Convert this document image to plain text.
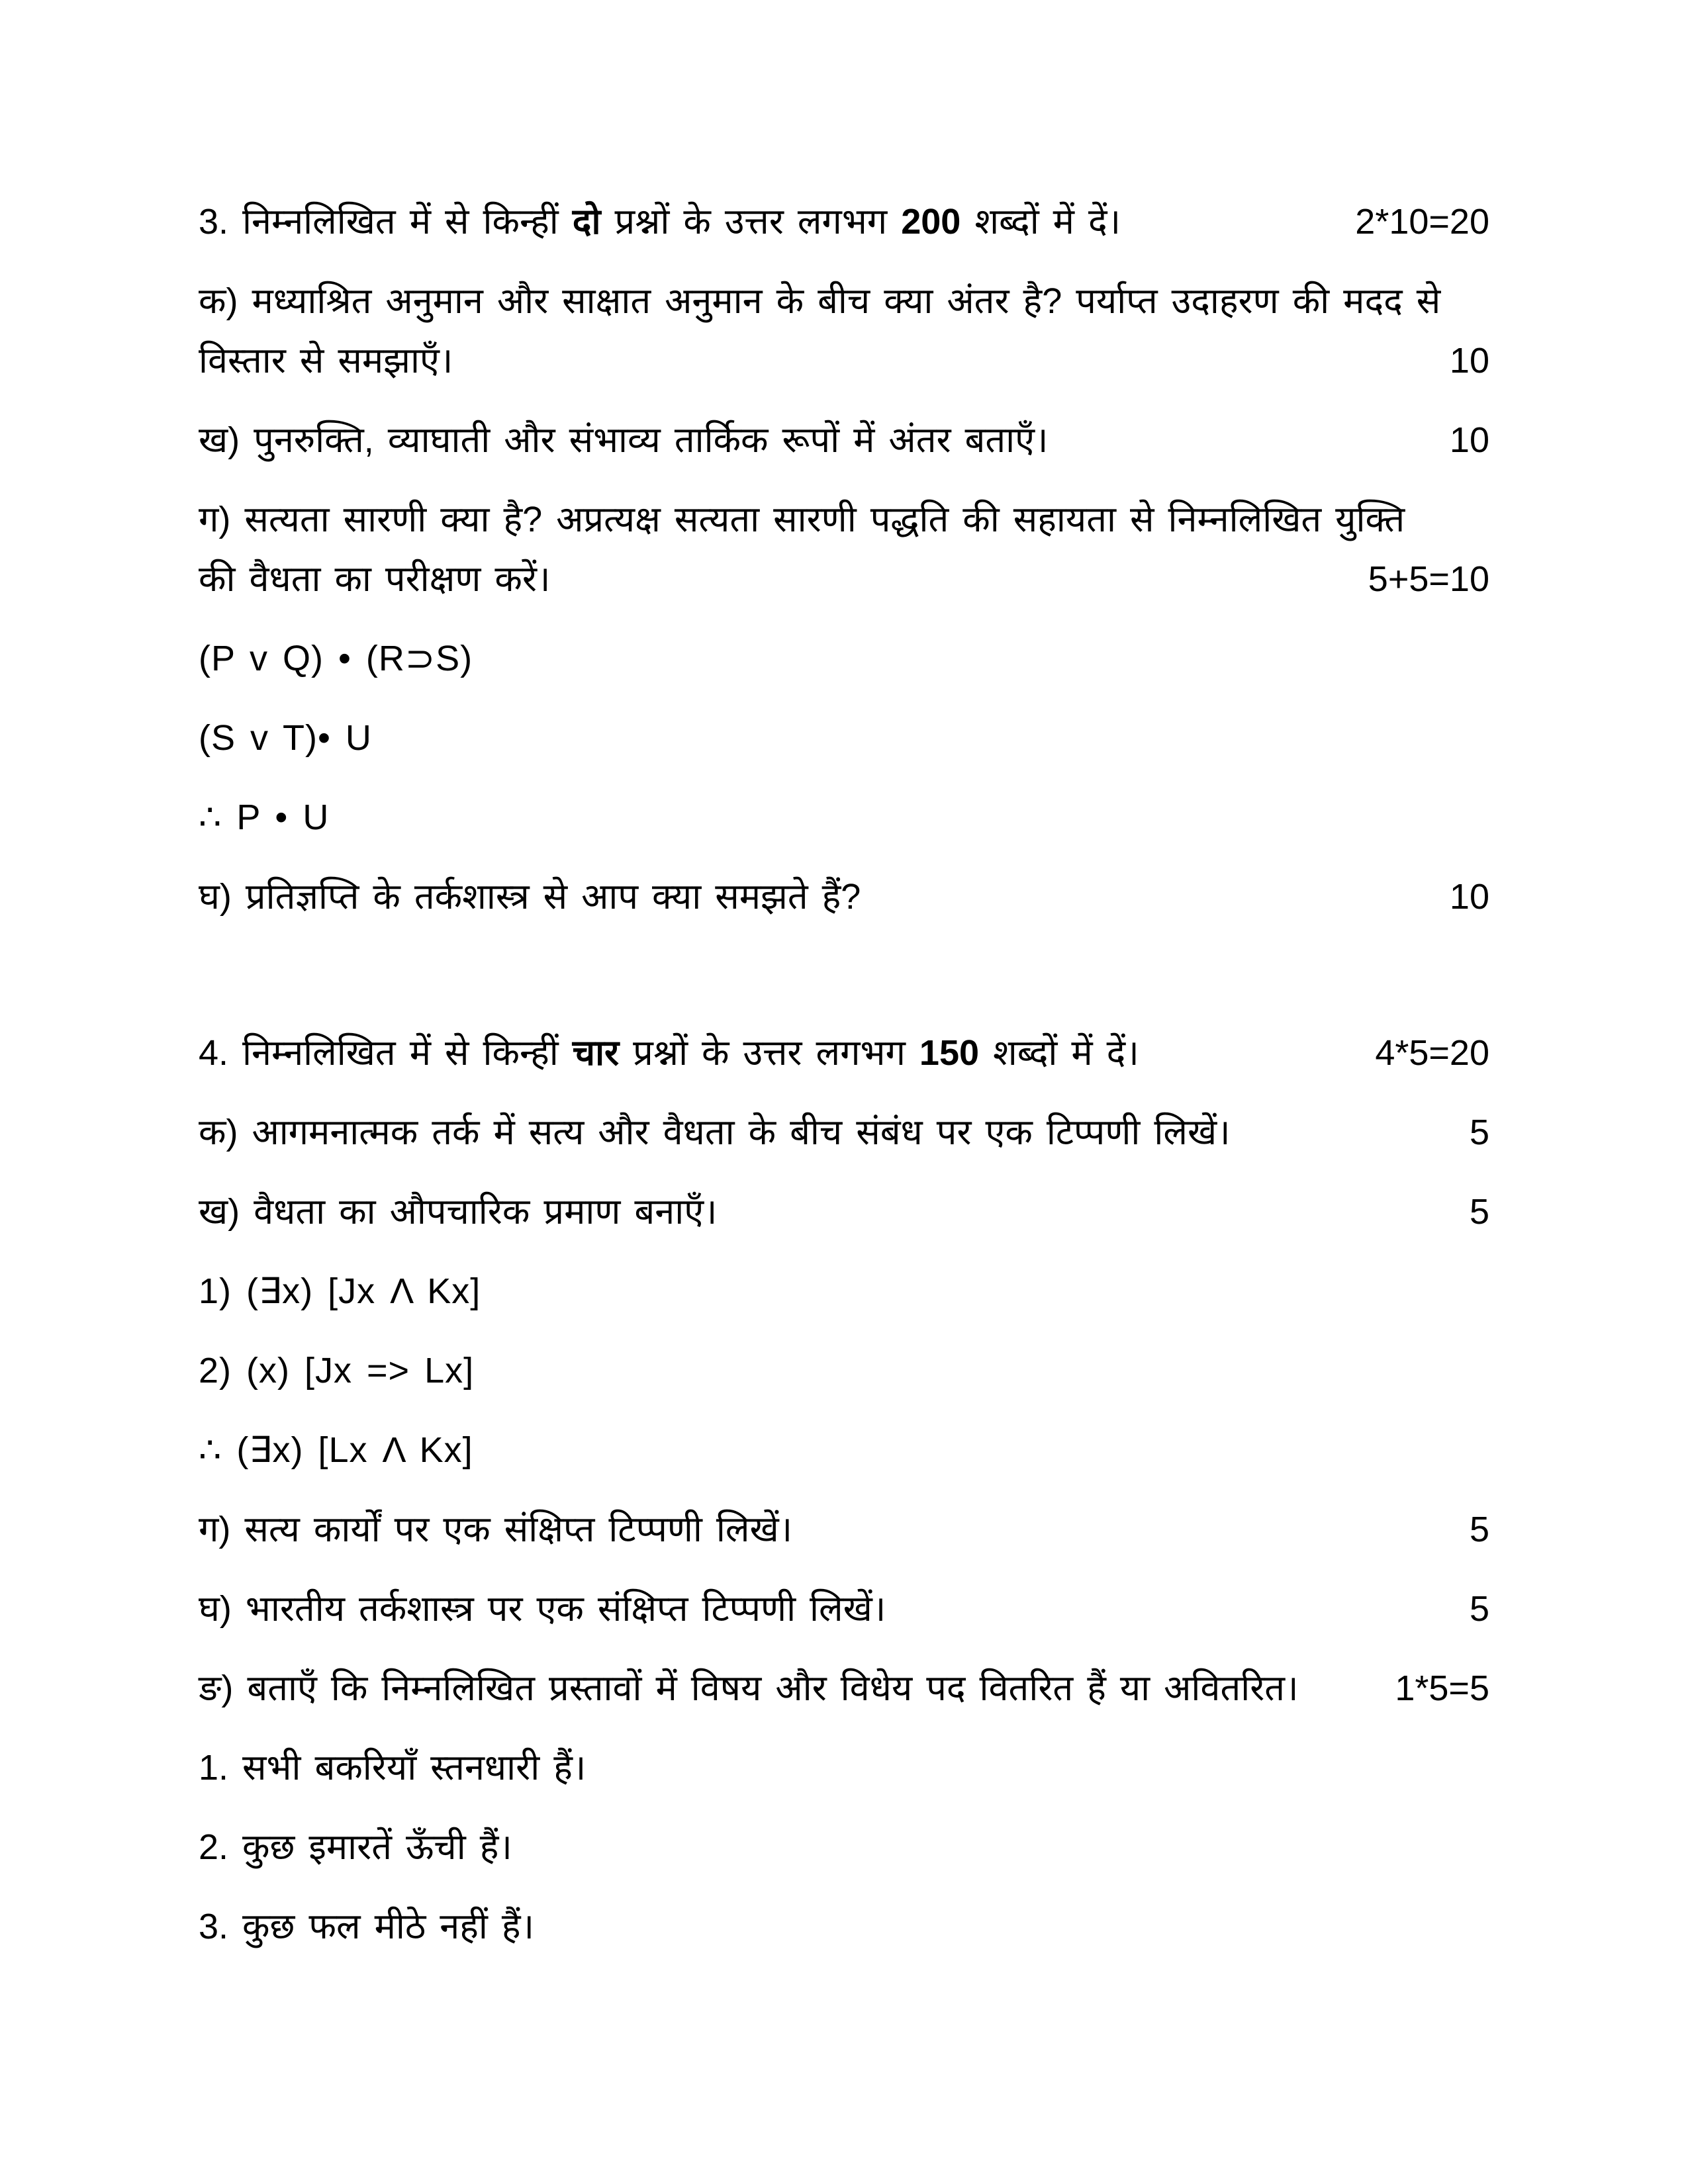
3. निम्नलिखित में से किन्हीं दो प्रश्नों के उत्तर लगभग 200 शब्दों में दें।	2*10=20
क) मध्याश्रित अनुमान और साक्षात अनुमान के बीच क्या अंतर है? पर्याप्त उदाहरण की मदद से
विस्तार से समझाएँ।	10
ख) पुनरुक्ति, व्याघाती और संभाव्य तार्किक रूपों में अंतर बताएँ।	10
ग) सत्यता सारणी क्या है? अप्रत्यक्ष सत्यता सारणी पद्धति की सहायता से निम्नलिखित युक्ति
की वैधता का परीक्षण करें।	5+5=10
(P v Q) • (R⊃S)
(S v T)• U
∴ P • U
घ) प्रतिज्ञप्ति के तर्कशास्त्र से आप क्या समझते हैं?	10
4. निम्नलिखित में से किन्हीं चार प्रश्नों के उत्तर लगभग 150 शब्दों में दें।	4*5=20
क) आगमनात्मक तर्क में सत्य और वैधता के बीच संबंध पर एक टिप्पणी लिखें।	5
ख) वैधता का औपचारिक प्रमाण बनाएँ।	5
1) (∃x) [Jx Λ Kx]
2) (x) [Jx => Lx]
∴ (∃x) [Lx Λ Kx]
ग) सत्य कार्यों पर एक संक्षिप्त टिप्पणी लिखें।	5
घ) भारतीय तर्कशास्त्र पर एक संक्षिप्त टिप्पणी लिखें।	5
ङ) बताएँ कि निम्नलिखित प्रस्तावों में विषय और विधेय पद वितरित हैं या अवितरित।	1*5=5
1. सभी बकरियाँ स्तनधारी हैं।
2. कुछ इमारतें ऊँची हैं।
3. कुछ फल मीठे नहीं हैं।
